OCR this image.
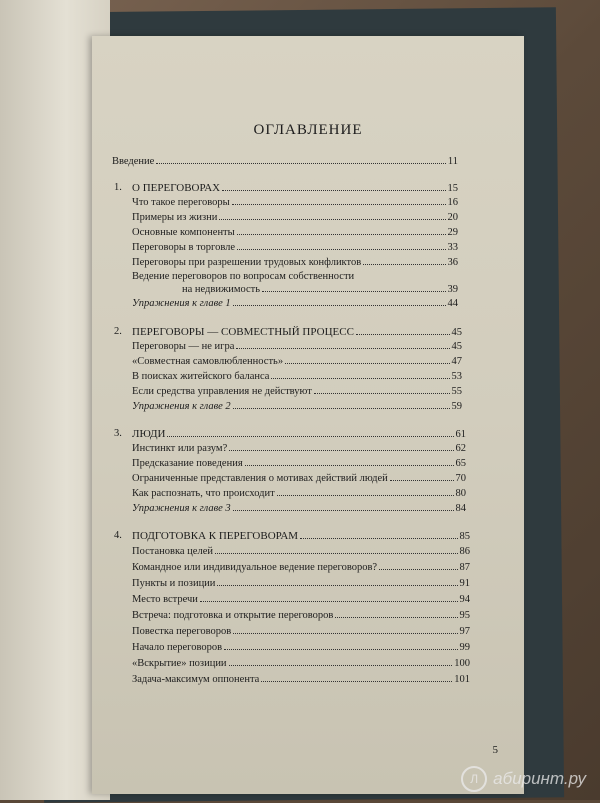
ОГЛАВЛЕНИЕ
Введение	11
1. О ПЕРЕГОВОРАХ	15
Что такое переговоры	16
Примеры из жизни	20
Основные компоненты	29
Переговоры в торговле	33
Переговоры при разрешении трудовых конфликтов	36
Ведение переговоров по вопросам собственности
на недвижимость	39
Упражнения к главе 1	44
2. ПЕРЕГОВОРЫ — СОВМЕСТНЫЙ ПРОЦЕСС	45
Переговоры — не игра	45
«Совместная самовлюбленность»	47
В поисках житейского баланса	53
Если средства управления не действуют	55
Упражнения к главе 2	59
3. ЛЮДИ	61
Инстинкт или разум?	62
Предсказание поведения	65
Ограниченные представления о мотивах действий людей	70
Как распознать, что происходит	80
Упражнения к главе 3	84
4. ПОДГОТОВКА К ПЕРЕГОВОРАМ	85
Постановка целей	86
Командное или индивидуальное ведение переговоров?	87
Пункты и позиции	91
Место встречи	94
Встреча: подготовка и открытие переговоров	95
Повестка переговоров	97
Начало переговоров	99
«Вскрытие» позиции	100
Задача-максимум оппонента	101
5
Л абиринт.ру
